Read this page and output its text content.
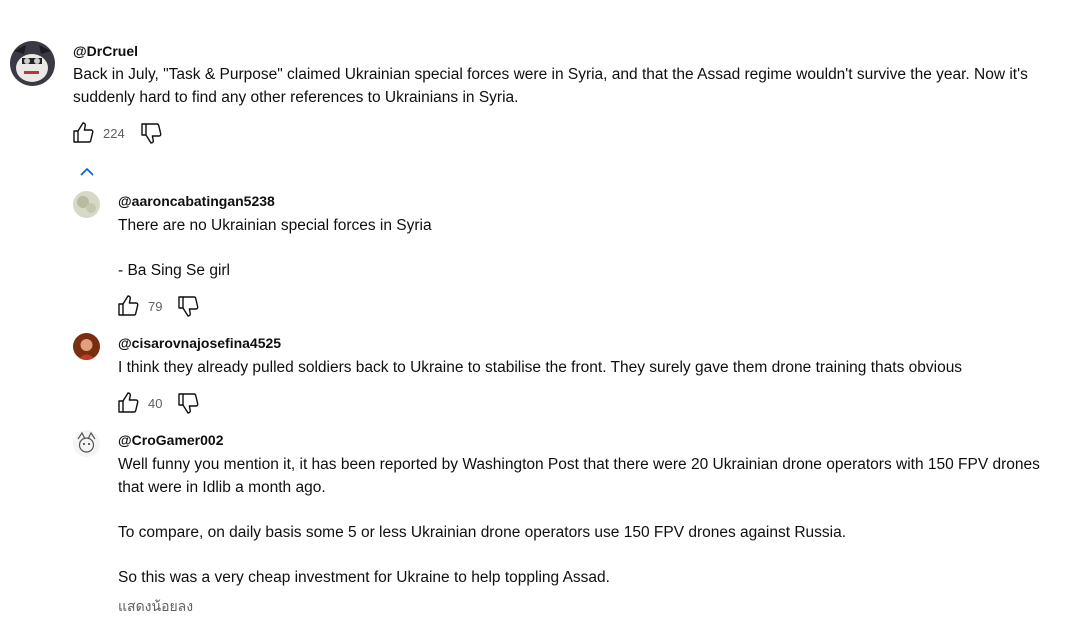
@DrCruel
Back in July, "Task & Purpose" claimed Ukrainian special forces were in Syria, and that the Assad regime wouldn't survive the year. Now it's suddenly hard to find any other references to Ukrainians in Syria.
224
@aaroncabatingan5238
There are no Ukrainian special forces in Syria

- Ba Sing Se girl
79
@cisarovnajosefina4525
I think they already pulled soldiers back to Ukraine to stabilise the front. They surely gave them drone training thats obvious
40
@CroGamer002
Well funny you mention it, it has been reported by Washington Post that there were 20 Ukrainian drone operators with 150 FPV drones that were in Idlib a month ago.

To compare, on daily basis some 5 or less Ukrainian drone operators use 150 FPV drones against Russia.

So this was a very cheap investment for Ukraine to help toppling Assad.
แสดงน้อยลง
